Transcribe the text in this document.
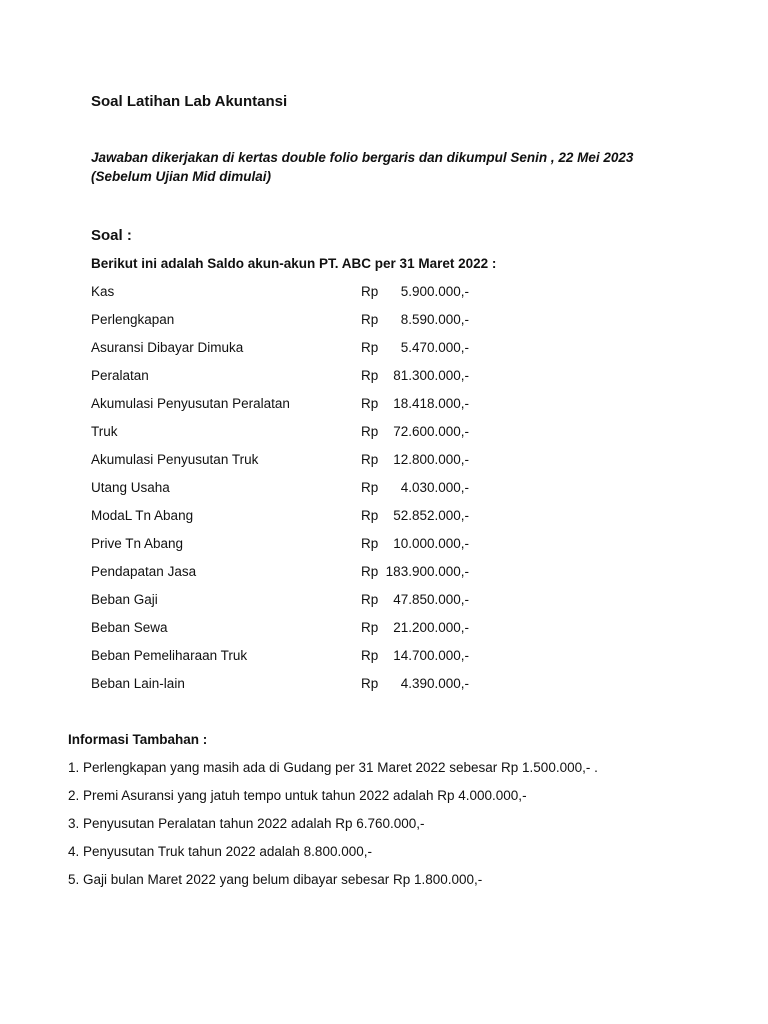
Soal Latihan Lab Akuntansi
Jawaban dikerjakan di kertas double folio bergaris dan dikumpul Senin , 22 Mei 2023
(Sebelum Ujian Mid dimulai)
Soal :
Berikut ini adalah Saldo akun-akun PT. ABC per 31 Maret 2022 :
Kas	Rp	5.900.000,-
Perlengkapan	Rp	8.590.000,-
Asuransi Dibayar Dimuka	Rp	5.470.000,-
Peralatan	Rp	81.300.000,-
Akumulasi Penyusutan Peralatan	Rp	18.418.000,-
Truk	Rp	72.600.000,-
Akumulasi Penyusutan Truk	Rp	12.800.000,-
Utang Usaha	Rp	4.030.000,-
ModaL Tn Abang	Rp	52.852.000,-
Prive Tn Abang	Rp	10.000.000,-
Pendapatan Jasa	Rp 183.900.000,-
Beban Gaji	Rp	47.850.000,-
Beban Sewa	Rp	21.200.000,-
Beban Pemeliharaan Truk	Rp	14.700.000,-
Beban Lain-lain	Rp	4.390.000,-
Informasi Tambahan :
1. Perlengkapan yang masih ada di Gudang per 31 Maret 2022 sebesar Rp 1.500.000,- .
2. Premi Asuransi yang jatuh tempo untuk tahun 2022 adalah Rp 4.000.000,-
3. Penyusutan Peralatan tahun 2022 adalah Rp 6.760.000,-
4. Penyusutan Truk tahun 2022 adalah 8.800.000,-
5. Gaji bulan Maret 2022 yang belum dibayar sebesar Rp 1.800.000,-
